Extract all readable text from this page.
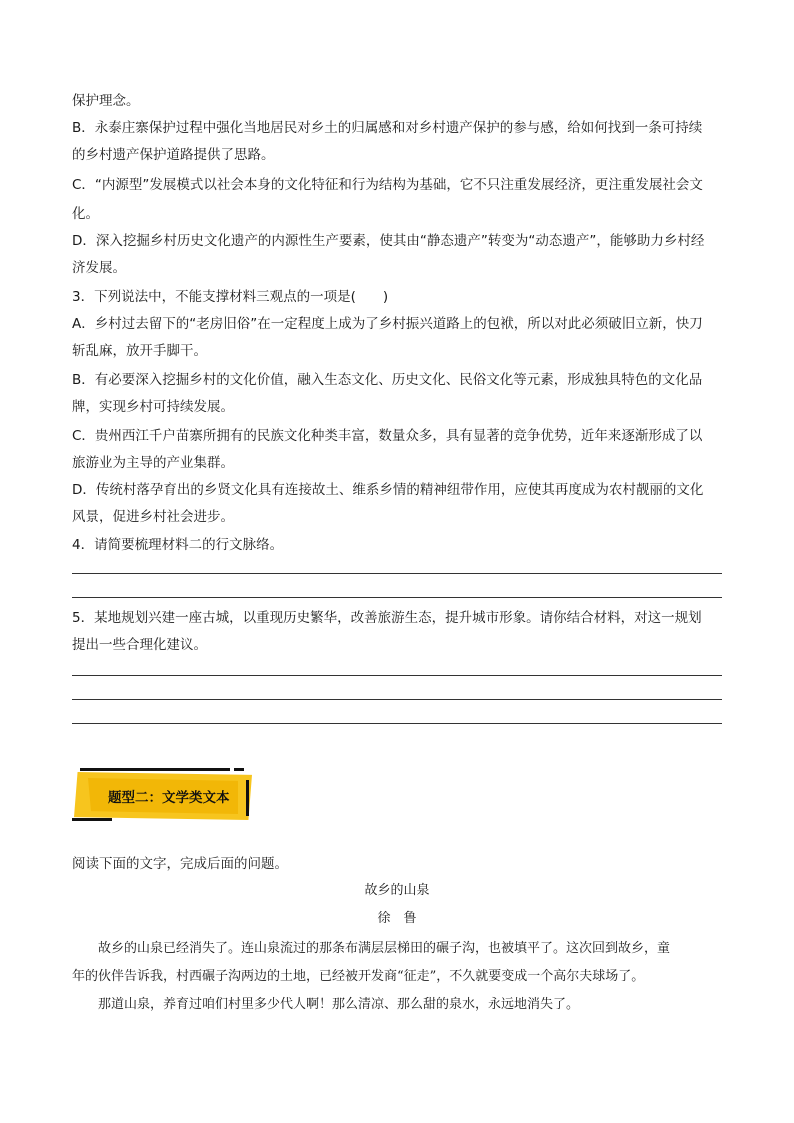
保护理念。
B．永泰庄寨保护过程中强化当地居民对乡土的归属感和对乡村遗产保护的参与感，给如何找到一条可持续
的乡村遗产保护道路提供了思路。
C．“内源型”发展模式以社会本身的文化特征和行为结构为基础，它不只注重发展经济，更注重发展社会文
化。
D．深入挖掘乡村历史文化遗产的内源性生产要素，使其由“静态遗产”转变为“动态遗产”，能够助力乡村经
济发展。
3．下列说法中，不能支撑材料三观点的一项是(　　)
A．乡村过去留下的“老房旧俗”在一定程度上成为了乡村振兴道路上的包袱，所以对此必须破旧立新，快刀
斩乱麻，放开手脚干。
B．有必要深入挖掘乡村的文化价值，融入生态文化、历史文化、民俗文化等元素，形成独具特色的文化品
牌，实现乡村可持续发展。
C．贵州西江千户苗寨所拥有的民族文化种类丰富，数量众多，具有显著的竞争优势，近年来逐渐形成了以
旅游业为主导的产业集群。
D．传统村落孕育出的乡贤文化具有连接故土、维系乡情的精神纽带作用，应使其再度成为农村靓丽的文化
风景，促进乡村社会进步。
4．请简要梳理材料二的行文脉络。
5．某地规划兴建一座古城，以重现历史繁华，改善旅游生态，提升城市形象。请你结合材料，对这一规划
提出一些合理化建议。
题型二：文学类文本
阅读下面的文字，完成后面的问题。
故乡的山泉
徐　鲁
　　故乡的山泉已经消失了。连山泉流过的那条布满层层梯田的碾子沟，也被填平了。这次回到故乡，童
年的伙伴告诉我，村西碾子沟两边的土地，已经被开发商“征走”，不久就要变成一个高尔夫球场了。
　　那道山泉，养育过咱们村里多少代人啊！那么清凉、那么甜的泉水，永远地消失了。
